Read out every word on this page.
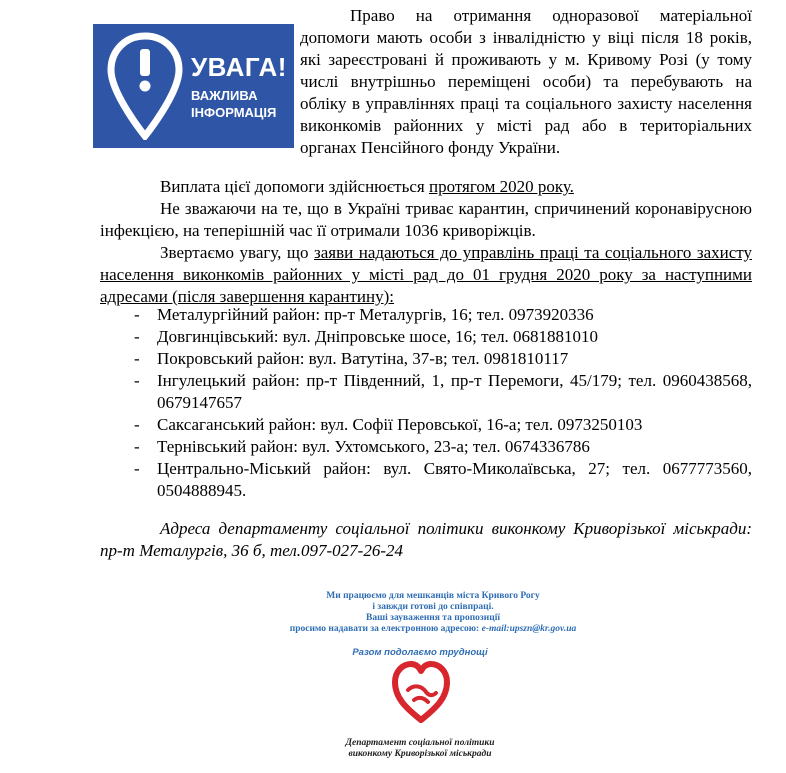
УВАГА!
ВАЖЛИВА ІНФОРМАЦІЯ

Право на отримання одноразової матеріальної допомоги мають особи з інвалідністю у віці після 18 років, які зареєстровані й проживають у м. Кривому Розі (у тому числі внутрішньо переміщені особи) та перебувають на обліку в управліннях праці та соціального захисту населення виконкомів районних у місті рад або в територіальних органах Пенсійного фонду України.

Виплата цієї допомоги здійснюється протягом 2020 року.

Не зважаючи на те, що в Україні триває карантин, спричинений коронавірусною інфекцією, на теперішній час її отримали 1036 криворіжців.

Звертаємо увагу, що заяви надаються до управлінь праці та соціального захисту населення виконкомів районних у місті рад до 01 грудня 2020 року за наступними адресами (після завершення карантину):

- Металургійний район: пр-т Металургів, 16; тел. 0973920336
- Довгинцівський: вул. Дніпровське шосе, 16; тел. 0681881010
- Покровський район: вул. Ватутіна, 37-в; тел. 0981810117
- Інгулецький район: пр-т Південний, 1, пр-т Перемоги, 45/179; тел. 0960438568, 0679147657
- Саксаганський район: вул. Софії Перовської, 16-а; тел. 0973250103
- Тернівський район: вул. Ухтомського, 23-а; тел. 0674336786
- Центрально-Міський район: вул. Свято-Миколаївська, 27; тел. 0677773560, 0504888945.

Адреса департаменту соціальної політики виконкому Криворізької міськради: пр-т Металургів, 36 б, тел.097-027-26-24

Ми працюємо для мешканців міста Кривого Рогу
і завжди готові до співпраці.
Ваші зауваження та пропозиції
просимо надавати за електронною адресою: e-mail:upszn@kr.gov.ua
Разом подолаємо труднощі
Департамент соціальної політики
виконкому Криворізької міськради
